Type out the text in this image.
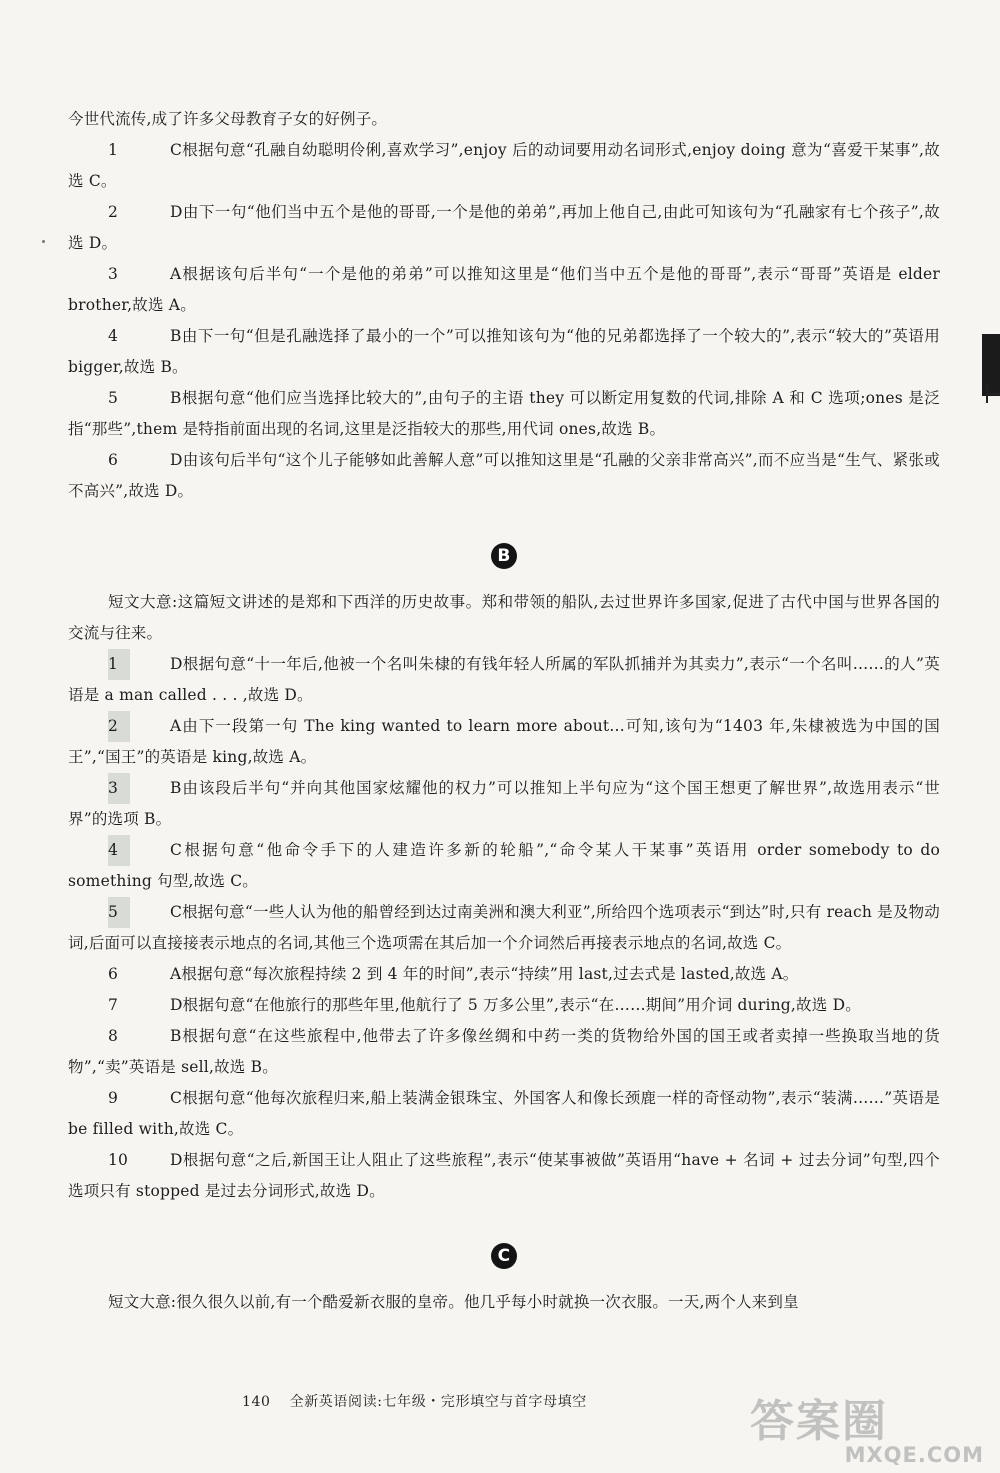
今世代流传,成了许多父母教育子女的好例子。

1	C根据句意“孔融自幼聪明伶俐,喜欢学习”,enjoy 后的动词要用动名词形式,enjoy doing 意为“喜爱干某事”,故选 C。

2	D由下一句“他们当中五个是他的哥哥,一个是他的弟弟”,再加上他自己,由此可知该句为“孔融家有七个孩子”,故选 D。

3	A根据该句后半句“一个是他的弟弟”可以推知这里是“他们当中五个是他的哥哥”,表示“哥哥”英语是 elder brother,故选 A。

4	B由下一句“但是孔融选择了最小的一个”可以推知该句为“他的兄弟都选择了一个较大的”,表示“较大的”英语用 bigger,故选 B。

5	B根据句意“他们应当选择比较大的”,由句子的主语 they 可以断定用复数的代词,排除 A 和 C 选项;ones 是泛指“那些”,them 是特指前面出现的名词,这里是泛指较大的那些,用代词 ones,故选 B。

6	D由该句后半句“这个儿子能够如此善解人意”可以推知这里是“孔融的父亲非常高兴”,而不应当是“生气、紧张或不高兴”,故选 D。

B

短文大意:这篇短文讲述的是郑和下西洋的历史故事。郑和带领的船队,去过世界许多国家,促进了古代中国与世界各国的交流与往来。

1	D根据句意“十一年后,他被一个名叫朱棣的有钱年轻人所属的军队抓捕并为其卖力”,表示“一个名叫……的人”英语是 a man called . . . ,故选 D。

2	A由下一段第一句 The king wanted to learn more about…可知,该句为“1403 年,朱棣被选为中国的国王”,“国王”的英语是 king,故选 A。

3	B由该段后半句“并向其他国家炫耀他的权力”可以推知上半句应为“这个国王想更了解世界”,故选用表示“世界”的选项 B。

4	C根据句意“他命令手下的人建造许多新的轮船”,“命令某人干某事”英语用 order somebody to do something 句型,故选 C。

5	C根据句意“一些人认为他的船曾经到达过南美洲和澳大利亚”,所给四个选项表示“到达”时,只有 reach 是及物动词,后面可以直接接表示地点的名词,其他三个选项需在其后加一个介词然后再接表示地点的名词,故选 C。

6	A根据句意“每次旅程持续 2 到 4 年的时间”,表示“持续”用 last,过去式是 lasted,故选 A。

7	D根据句意“在他旅行的那些年里,他航行了 5 万多公里”,表示“在……期间”用介词 during,故选 D。

8	B根据句意“在这些旅程中,他带去了许多像丝绸和中药一类的货物给外国的国王或者卖掉一些换取当地的货物”,“卖”英语是 sell,故选 B。

9	C根据句意“他每次旅程归来,船上装满金银珠宝、外国客人和像长颈鹿一样的奇怪动物”,表示“装满……”英语是 be filled with,故选 C。

10	D根据句意“之后,新国王让人阻止了这些旅程”,表示“使某事被做”英语用“have + 名词 + 过去分词”句型,四个选项只有 stopped 是过去分词形式,故选 D。

C

短文大意:很久很久以前,有一个酷爱新衣服的皇帝。他几乎每小时就换一次衣服。一天,两个人来到皇

140 全新英语阅读:七年级・完形填空与首字母填空	答案圈
MXQE.COM
